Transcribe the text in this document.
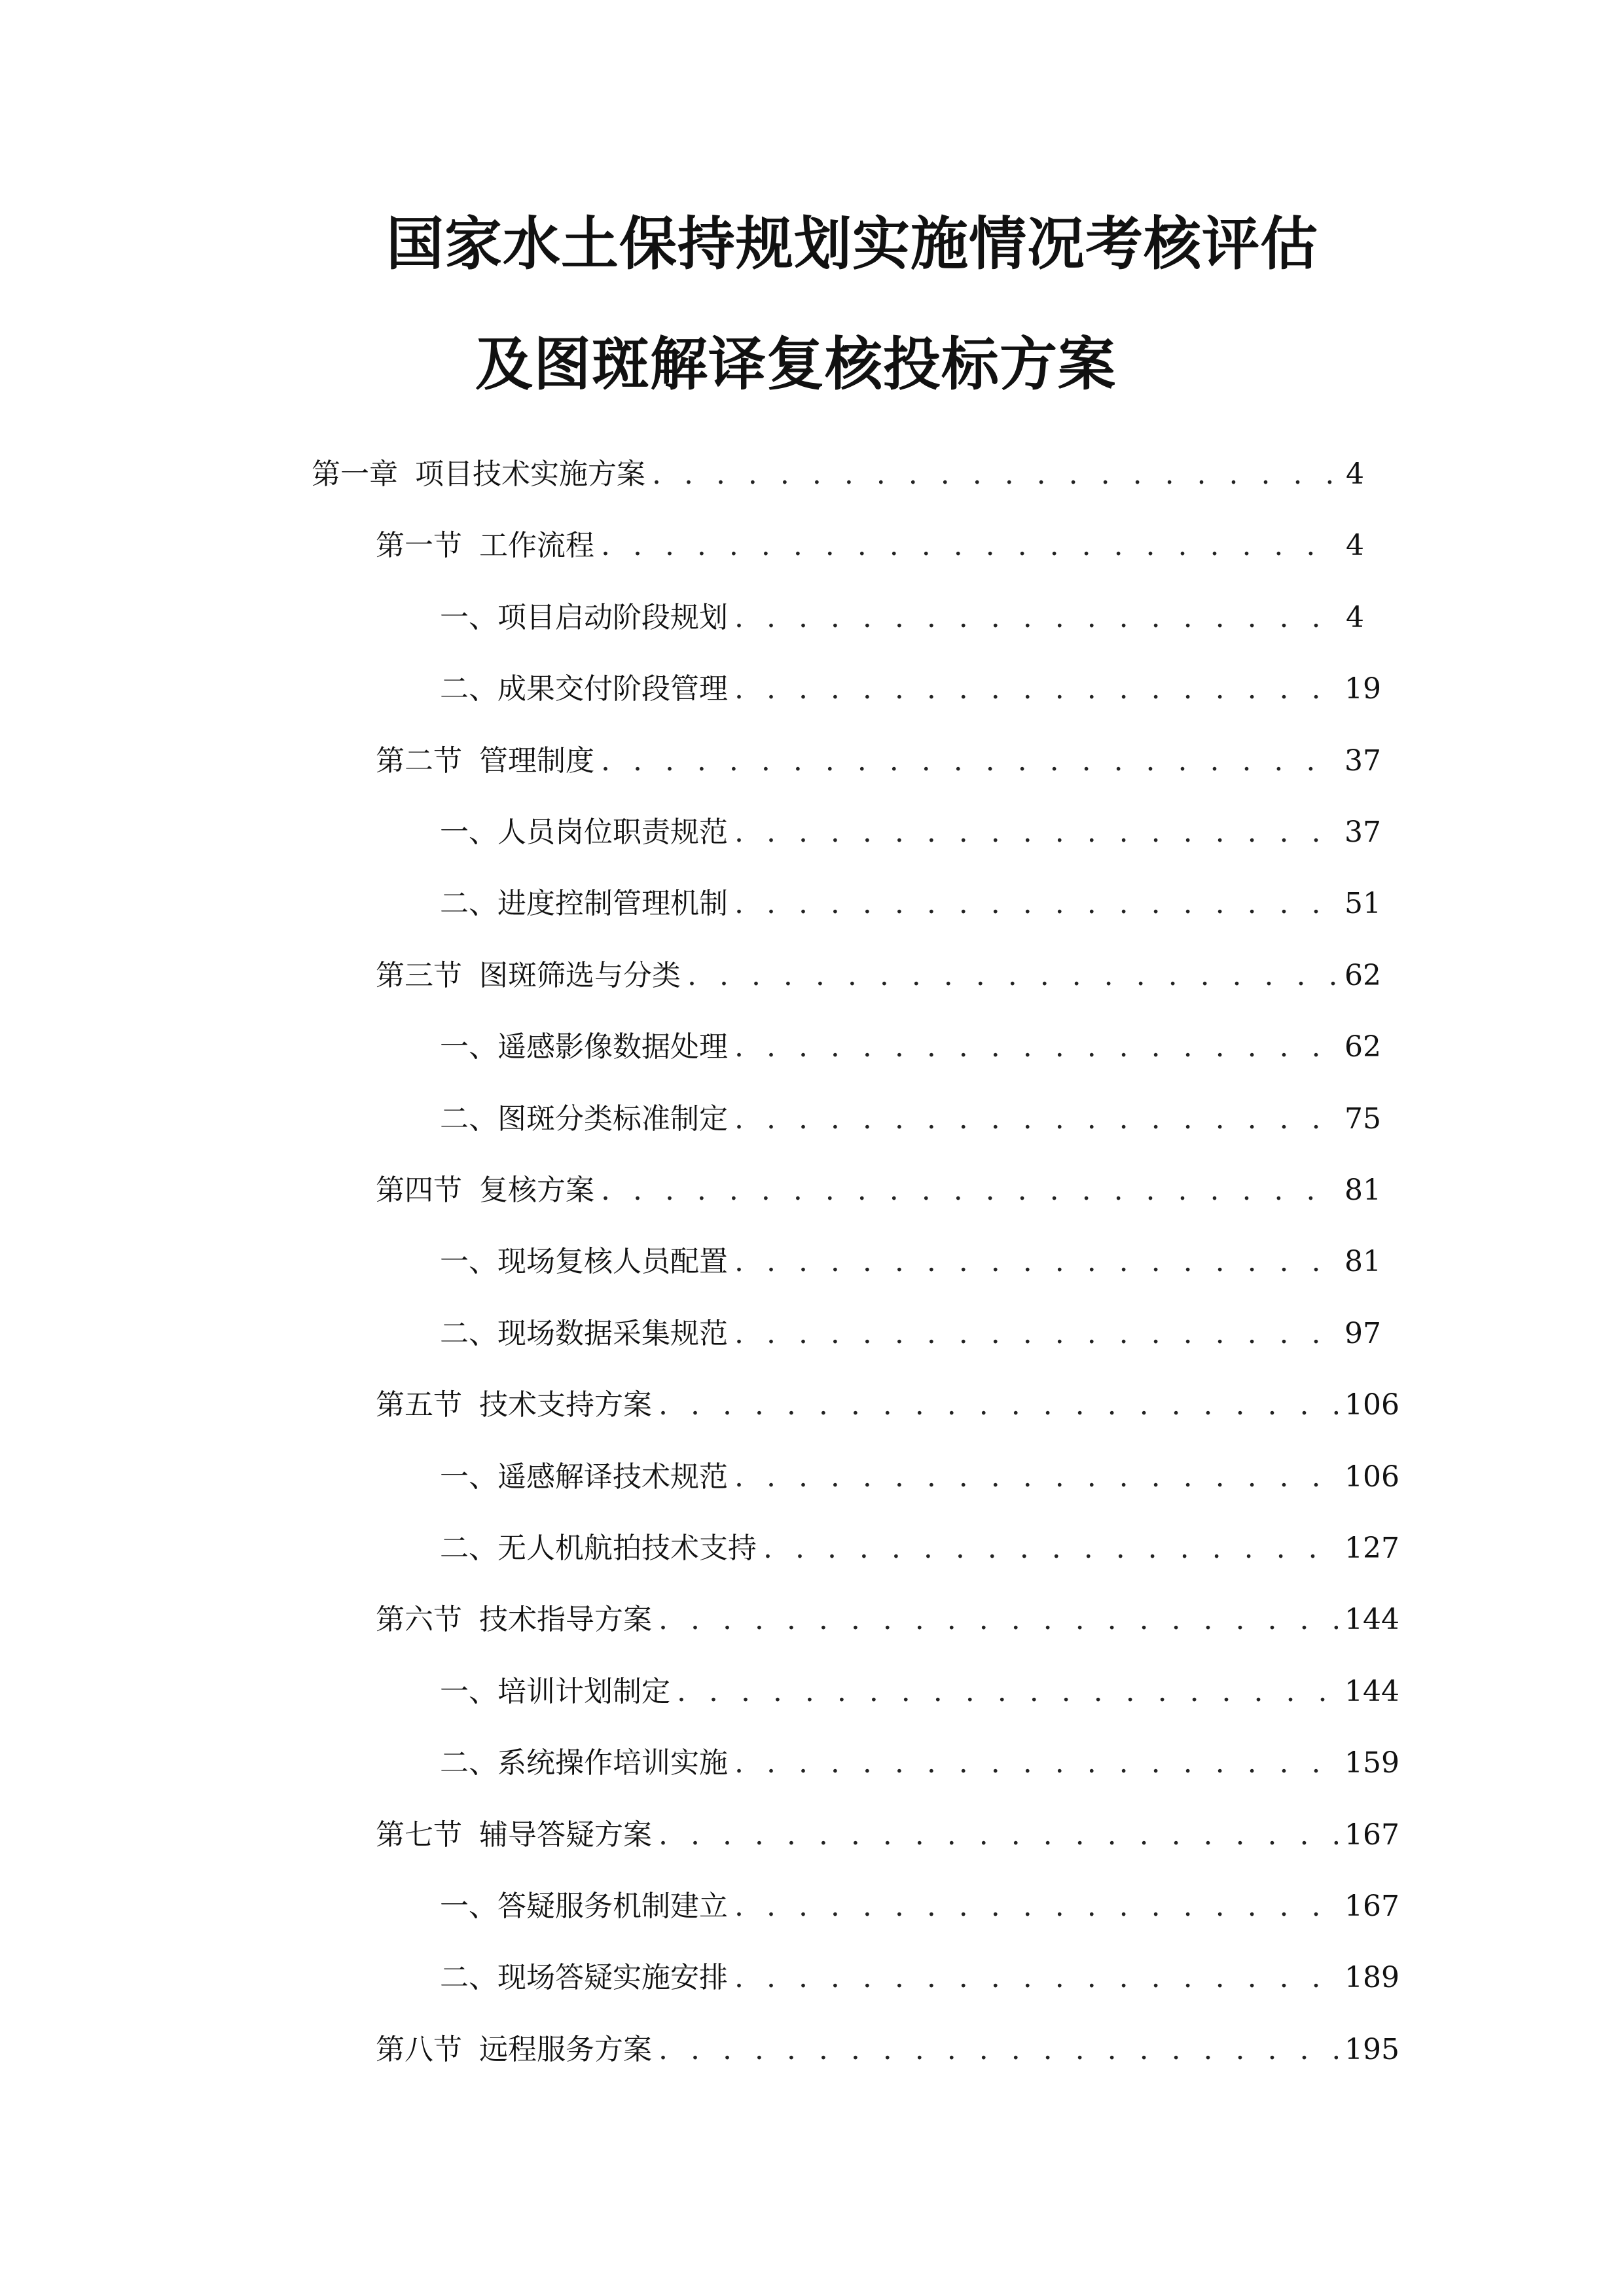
国家水土保持规划实施情况考核评估
及图斑解译复核投标方案
第一章 项目技术实施方案 . . .	4
第一节 工作流程 . . .	4
一、 项目启动阶段规划 . . .	4
二、 成果交付阶段管理 . . .	19
第二节 管理制度 . . .	37
一、 人员岗位职责规范 . . .	37
二、 进度控制管理机制 . . .	51
第三节 图斑筛选与分类 . . .	62
一、 遥感影像数据处理 . . .	62
二、 图斑分类标准制定 . . .	75
第四节 复核方案 . . .	81
一、 现场复核人员配置 . . .	81
二、 现场数据采集规范 . . .	97
第五节 技术支持方案 . . .	106
一、 遥感解译技术规范 . . .	106
二、 无人机航拍技术支持 . . .	127
第六节 技术指导方案 . . .	144
一、 培训计划制定 . . .	144
二、 系统操作培训实施 . . .	159
第七节 辅导答疑方案 . . .	167
一、 答疑服务机制建立 . . .	167
二、 现场答疑实施安排 . . .	189
第八节 远程服务方案 . . .	195
